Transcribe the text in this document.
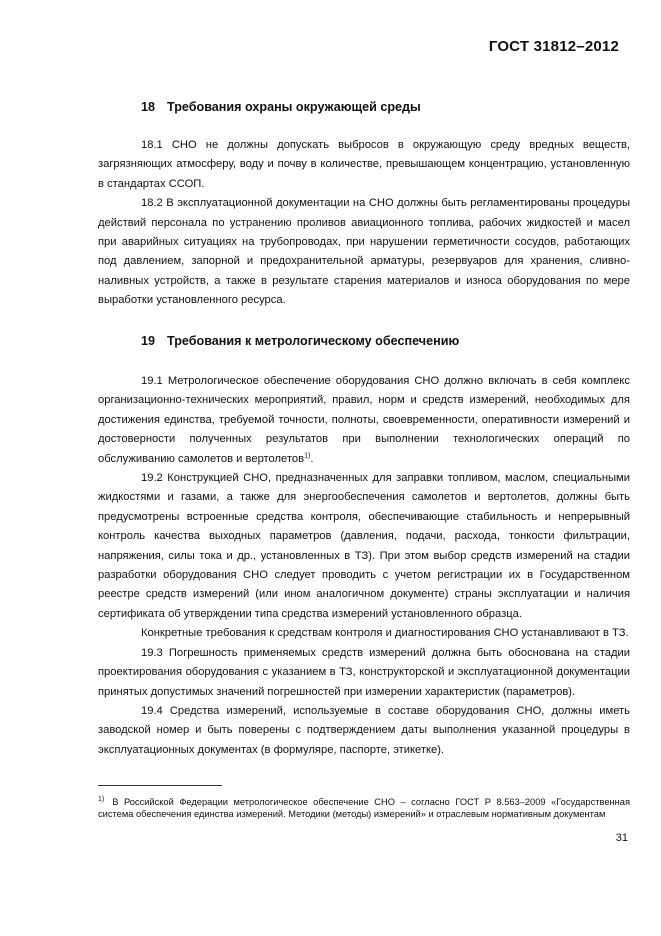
ГОСТ 31812–2012
18 Требования охраны окружающей среды

18.1 СНО не должны допускать выбросов в окружающую среду вредных веществ, загрязняющих атмосферу, воду и почву в количестве, превышающем концентрацию, установленную в стандартах ССОП.

18.2 В эксплуатационной документации на СНО должны быть регламентированы процедуры действий персонала по устранению проливов авиационного топлива, рабочих жидкостей и масел при аварийных ситуациях на трубопроводах, при нарушении герметичности сосудов, работающих под давлением, запорной и предохранительной арматуры, резервуаров для хранения, сливно-наливных устройств, а также в результате старения материалов и износа оборудования по мере выработки установленного ресурса.

19 Требования к метрологическому обеспечению

19.1 Метрологическое обеспечение оборудования СНО должно включать в себя комплекс организационно-технических мероприятий, правил, норм и средств измерений, необходимых для достижения единства, требуемой точности, полноты, своевременности, оперативности измерений и достоверности полученных результатов при выполнении технологических операций по обслуживанию самолетов и вертолетов$^{1)}$.

19.2 Конструкцией СНО, предназначенных для заправки топливом, маслом, специальными жидкостями и газами, а также для энергообеспечения самолетов и вертолетов, должны быть предусмотрены встроенные средства контроля, обеспечивающие стабильность и непрерывный контроль качества выходных параметров (давления, подачи, расхода, тонкости фильтрации, напряжения, силы тока и др., установленных в ТЗ). При этом выбор средств измерений на стадии разработки оборудования СНО следует проводить с учетом регистрации их в Государственном реестре средств измерений (или ином аналогичном документе) страны эксплуатации и наличия сертификата об утверждении типа средства измерений установленного образца.

Конкретные требования к средствам контроля и диагностирования СНО устанавливают в ТЗ.

19.3 Погрешность применяемых средств измерений должна быть обоснована на стадии проектирования оборудования с указанием в ТЗ, конструкторской и эксплуатационной документации принятых допустимых значений погрешностей при измерении характеристик (параметров).

19.4 Средства измерений, используемые в составе оборудования СНО, должны иметь заводской номер и быть поверены с подтверждением даты выполнения указанной процедуры в эксплуатационных документах (в формуляре, паспорте, этикетке).

$^{1)}$ В Российской Федерации метрологическое обеспечение СНО – согласно ГОСТ Р 8.563–2009 «Государственная система обеспечения единства измерений. Методики (методы) измерений» и отраслевым нормативным документам
31
